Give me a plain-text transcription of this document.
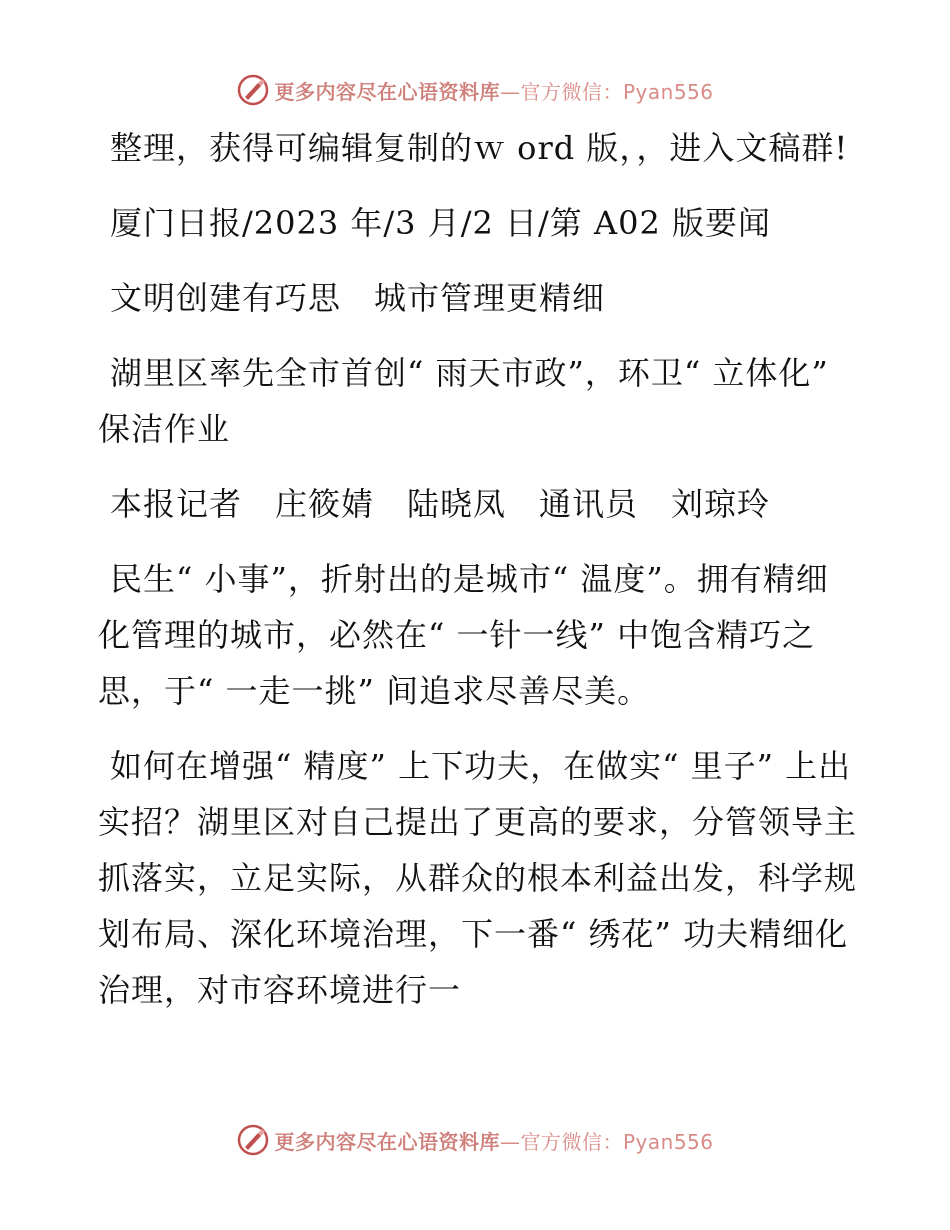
更多内容尽在心语资料库—官方微信：Pyan556

整理，获得可编辑复制的ｗ ord 版，，进入文稿群!

厦门日报/2023 年/3 月/2 日/第 A02 版要闻

文明创建有巧思　城市管理更精细

湖里区率先全市首创“ 雨天市政”，环卫“ 立体化” 保洁作业

本报记者　庄筱婧　陆晓凤　通讯员　刘琼玲

民生“ 小事”，折射出的是城市“ 温度”。拥有精细化管理的城市，必然在“ 一针一线” 中饱含精巧之思，于“ 一走一挑” 间追求尽善尽美。

如何在增强“ 精度” 上下功夫，在做实“ 里子” 上出实招？湖里区对自己提出了更高的要求，分管领导主抓落实，立足实际，从群众的根本利益出发，科学规划布局、深化环境治理，下一番“ 绣花” 功夫精细化治理，对市容环境进行一

更多内容尽在心语资料库—官方微信：Pyan556
